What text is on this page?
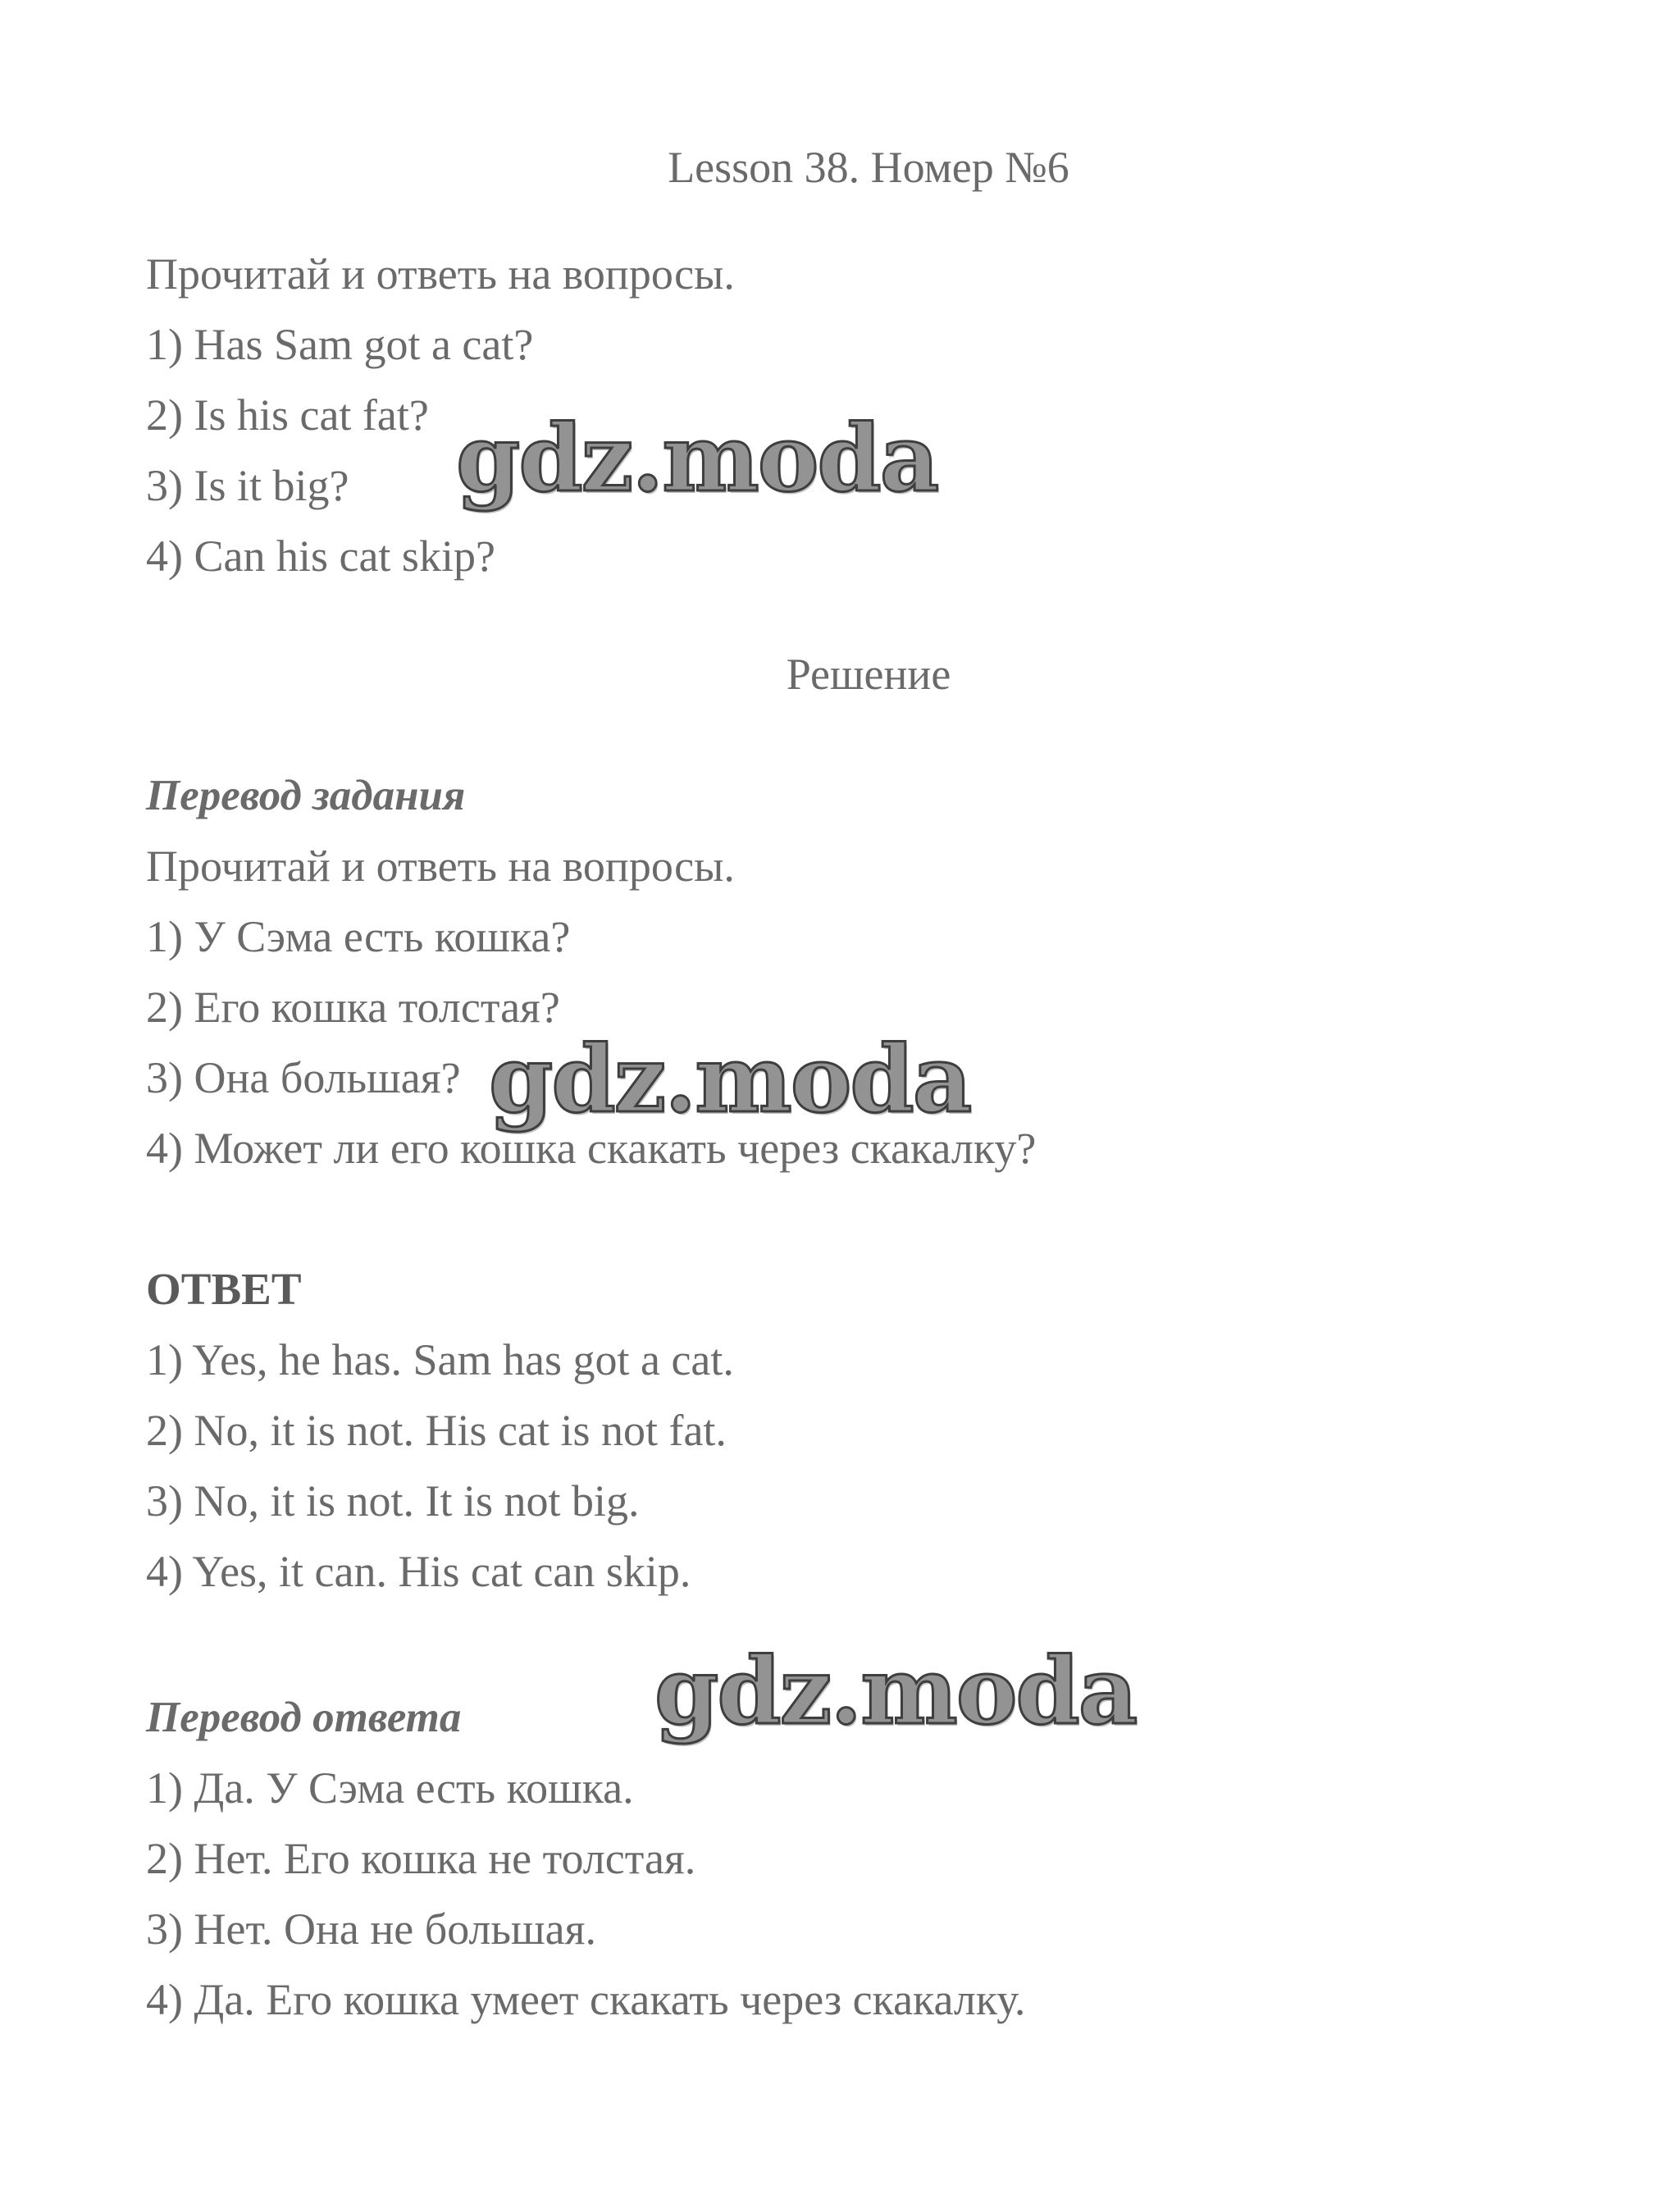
Lesson 38. Номер №6
Прочитай и ответь на вопросы.
1) Has Sam got a cat?
2) Is his cat fat?
3) Is it big?
4) Can his cat skip?
Решение
Перевод задания
Прочитай и ответь на вопросы.
1) У Сэма есть кошка?
2) Его кошка толстая?
3) Она большая?
4) Может ли его кошка скакать через скакалку?
ОТВЕТ
1) Yes, he has. Sam has got a cat.
2) No, it is not. His cat is not fat.
3) No, it is not. It is not big.
4) Yes, it can. His cat can skip.
Перевод ответа
1) Да. У Сэма есть кошка.
2) Нет. Его кошка не толстая.
3) Нет. Она не большая.
4) Да. Его кошка умеет скакать через скакалку.
gdz.moda
gdz.moda
gdz.moda
